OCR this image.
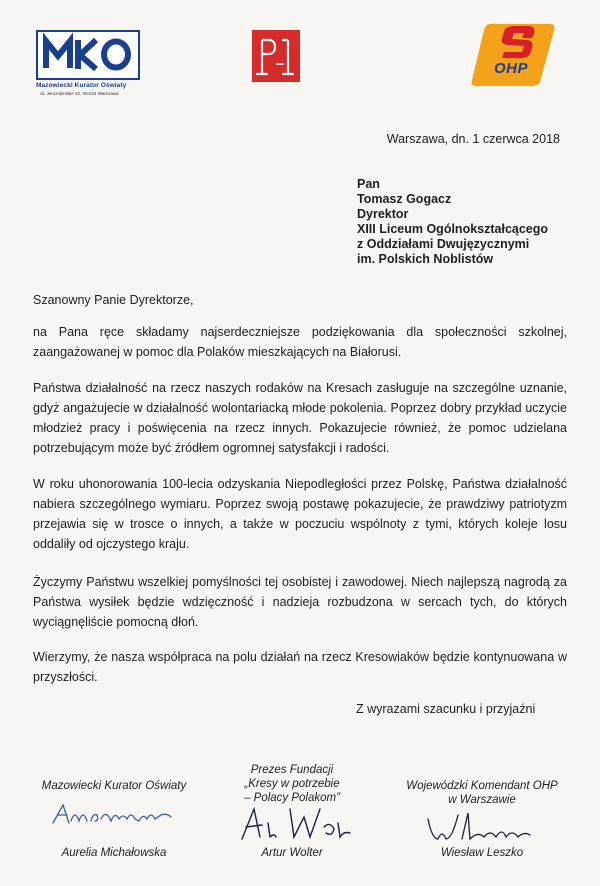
Mazowiecki Kurator Oświaty
Al. Jerozolimskie 32, 00-024 Warszawa
OHP
Warszawa, dn. 1 czerwca 2018
Pan
Tomasz Gogacz
Dyrektor
XIII Liceum Ogólnokształcącego
z Oddziałami Dwujęzycznymi
im. Polskich Noblistów
Szanowny Panie Dyrektorze,
na Pana ręce składamy najserdeczniejsze podziękowania dla społeczności szkolnej, zaangażowanej w pomoc dla Polaków mieszkających na Białorusi.
Państwa działalność na rzecz naszych rodaków na Kresach zasługuje na szczególne uznanie, gdyż angażujecie w działalność wolontariacką młode pokolenia. Poprzez dobry przykład uczycie młodzież pracy i poświęcenia na rzecz innych. Pokazujecie również, że pomoc udzielana potrzebującym może być źródłem ogromnej satysfakcji i radości.
W roku uhonorowania 100-lecia odzyskania Niepodległości przez Polskę, Państwa działalność nabiera szczególnego wymiaru. Poprzez swoją postawę pokazujecie, że prawdziwy patriotyzm przejawia się w trosce o innych, a także w poczuciu wspólnoty z tymi, których koleje losu oddaliły od ojczystego kraju.
Życzymy Państwu wszelkiej pomyślności tej osobistej i zawodowej. Niech najlepszą nagrodą za Państwa wysiłek będzie wdzięczność i nadzieja rozbudzona w sercach tych, do których wyciągnęliście pomocną dłoń.
Wierzymy, że nasza współpraca na polu działań na rzecz Kresowiaków będzie kontynuowana w przyszłości.
Z wyrazami szacunku i przyjaźni
Mazowiecki Kurator Oświaty
Aurelia Michałowska
Prezes Fundacji
„Kresy w potrzebie
– Polacy Polakom”
Artur Wolter
Wojewódzki Komendant OHP
w Warszawie
Wiesław Leszko
